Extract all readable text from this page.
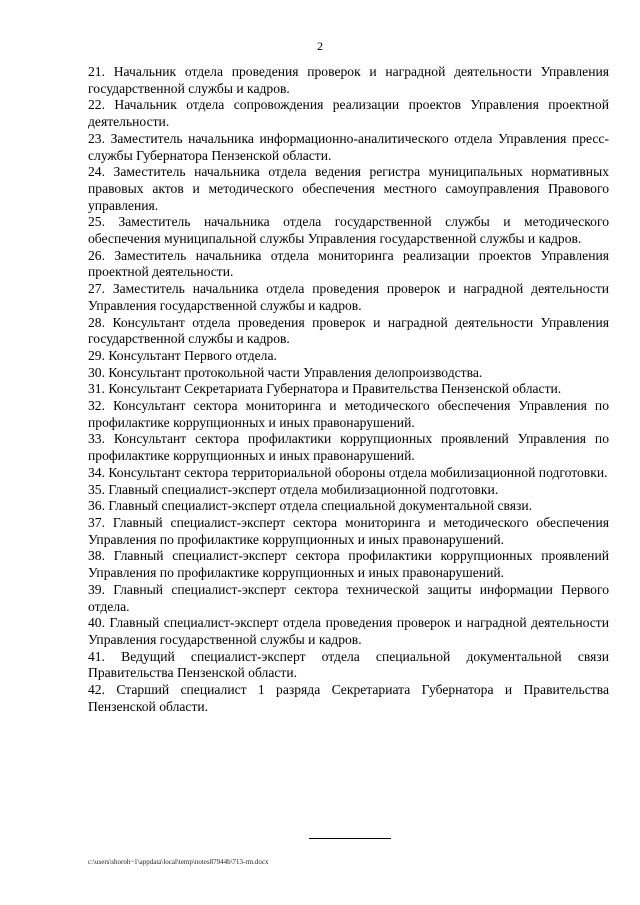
2
21. Начальник отдела проведения проверок и наградной деятельности Управления государственной службы и кадров.
22. Начальник отдела сопровождения реализации проектов Управления проектной деятельности.
23. Заместитель начальника информационно-аналитического отдела Управления пресс-службы Губернатора Пензенской области.
24. Заместитель начальника отдела ведения регистра муниципальных нормативных правовых актов и методического обеспечения местного самоуправления Правового управления.
25. Заместитель начальника отдела государственной службы и методического обеспечения муниципальной службы Управления государственной службы и кадров.
26. Заместитель начальника отдела мониторинга реализации проектов Управления проектной деятельности.
27. Заместитель начальника отдела проведения проверок и наградной деятельности Управления государственной службы и кадров.
28. Консультант отдела проведения проверок и наградной деятельности Управления государственной службы и кадров.
29. Консультант Первого отдела.
30. Консультант протокольной части Управления делопроизводства.
31. Консультант Секретариата Губернатора и Правительства Пензенской области.
32. Консультант сектора мониторинга и методического обеспечения Управления по профилактике коррупционных и иных правонарушений.
33. Консультант сектора профилактики коррупционных проявлений Управления по профилактике коррупционных и иных правонарушений.
34. Консультант сектора территориальной обороны отдела мобилизационной подготовки.
35. Главный специалист-эксперт отдела мобилизационной подготовки.
36. Главный специалист-эксперт отдела специальной документальной связи.
37. Главный специалист-эксперт сектора мониторинга и методического обеспечения Управления по профилактике коррупционных и иных правонарушений.
38. Главный специалист-эксперт сектора профилактики коррупционных проявлений Управления по профилактике коррупционных и иных правонарушений.
39. Главный специалист-эксперт сектора технической защиты информации Первого отдела.
40. Главный специалист-эксперт отдела проведения проверок и наградной деятельности Управления государственной службы и кадров.
41. Ведущий специалист-эксперт отдела специальной документальной связи Правительства Пензенской области.
42. Старший специалист 1 разряда Секретариата Губернатора и Правительства Пензенской области.
c:\users\shoroh~1\appdata\local\temp\notes87944b\713-rm.docx
